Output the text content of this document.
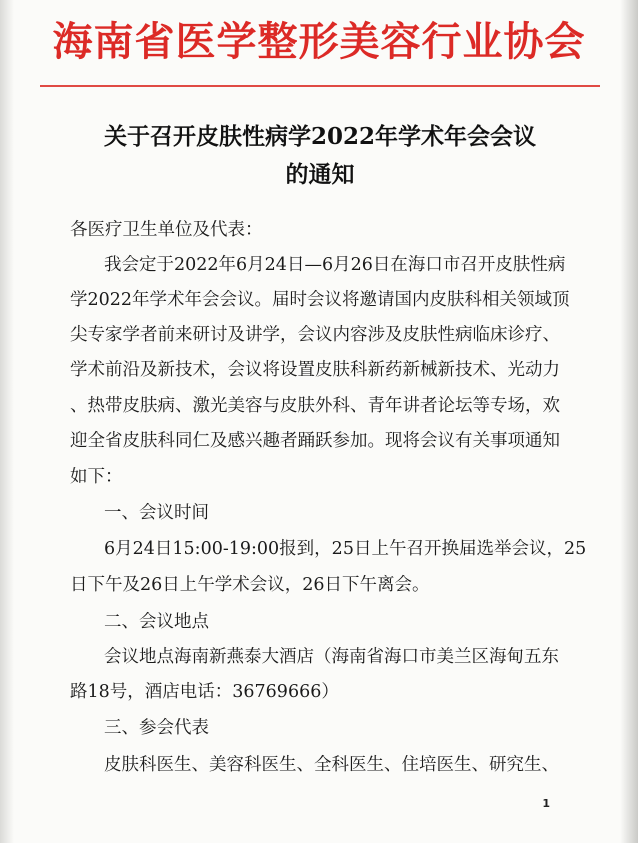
海南省医学整形美容行业协会
关于召开皮肤性病学2022年学术年会会议
的通知
各医疗卫生单位及代表：
我会定于2022年6月24日—6月26日在海口市召开皮肤性病
学2022年学术年会会议。届时会议将邀请国内皮肤科相关领域顶
尖专家学者前来研讨及讲学，会议内容涉及皮肤性病临床诊疗、
学术前沿及新技术，会议将设置皮肤科新药新械新技术、光动力
、热带皮肤病、激光美容与皮肤外科、青年讲者论坛等专场，欢
迎全省皮肤科同仁及感兴趣者踊跃参加。现将会议有关事项通知
如下：
一、会议时间
6月24日15:00-19:00报到，25日上午召开换届选举会议，25
日下午及26日上午学术会议，26日下午离会。
二、会议地点
会议地点海南新燕泰大酒店（海南省海口市美兰区海甸五东
路18号，酒店电话：36769666）
三、参会代表
皮肤科医生、美容科医生、全科医生、住培医生、研究生、
1
